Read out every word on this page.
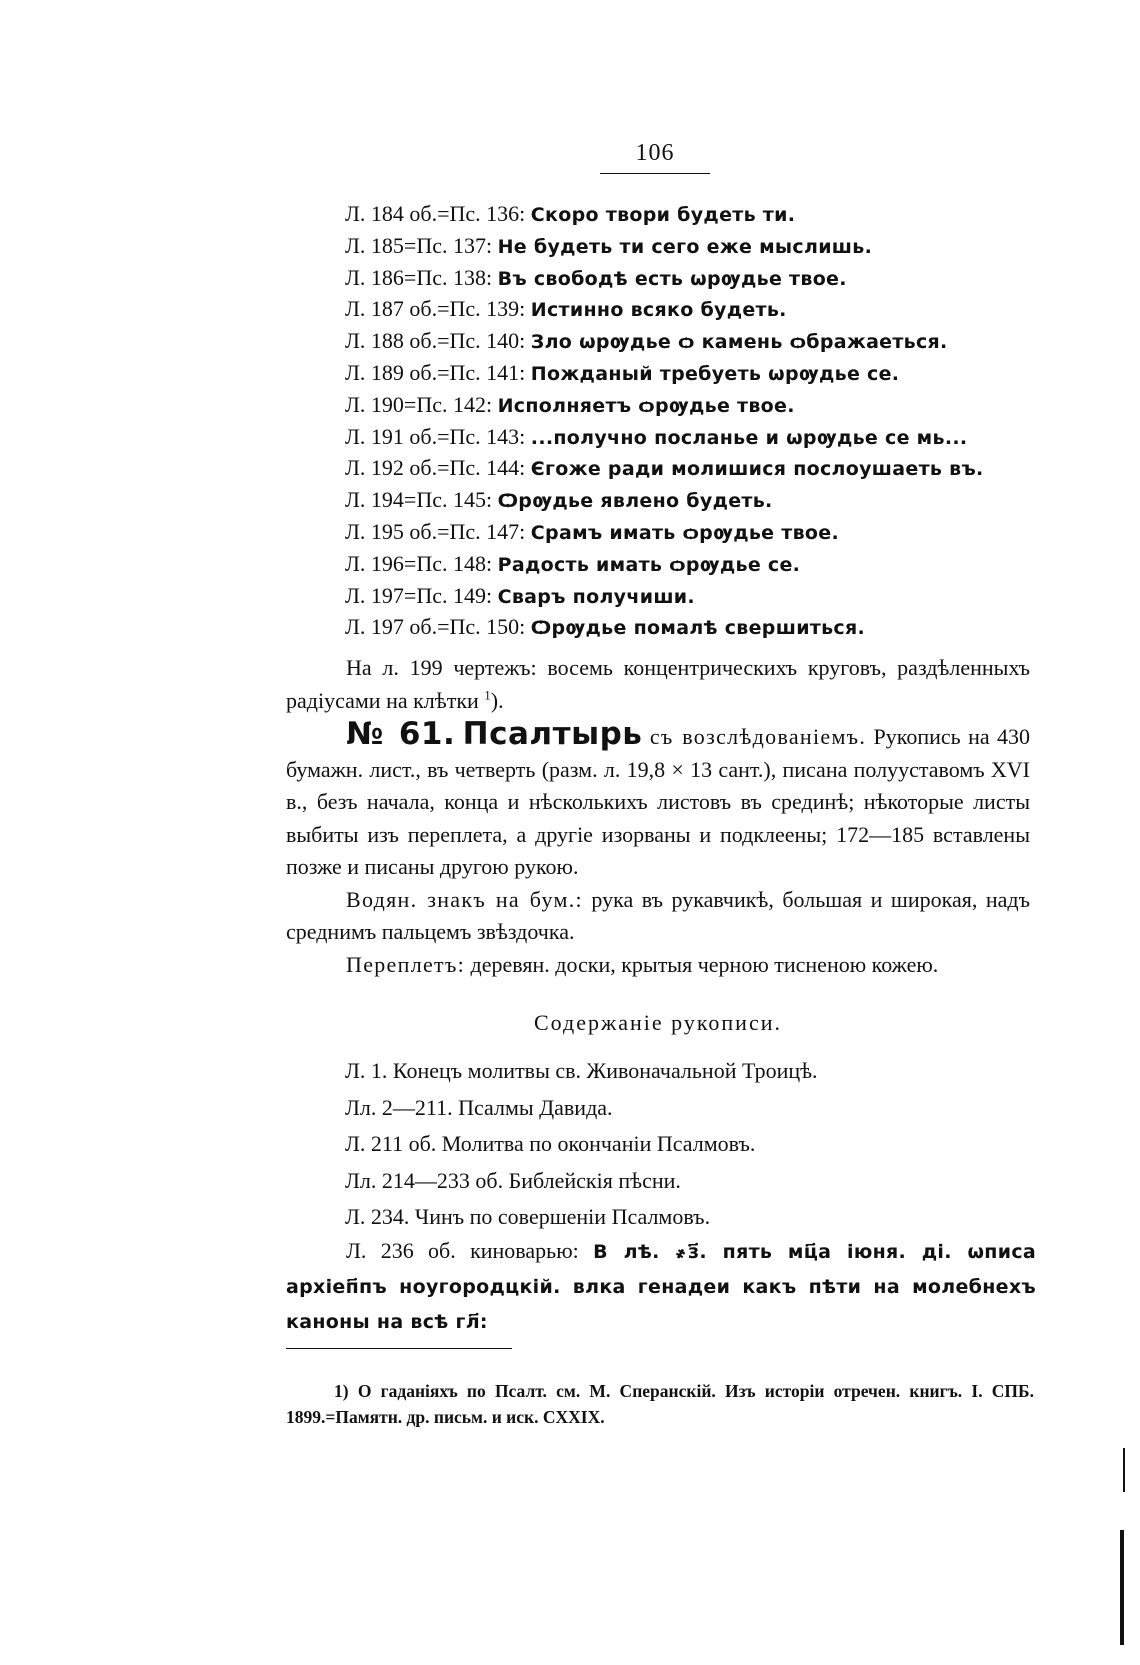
106
Л. 184 об.=Пс. 136: Скоро твори будеть ти.
Л. 185=Пс. 137: Не будеть ти сего еже мыслишь.
Л. 186=Пс. 138: Въ свободѣ есть ѡрѹдье твое.
Л. 187 об.=Пс. 139: Истинно всяко будеть.
Л. 188 об.=Пс. 140: Зло ѡрѹдье ѻ камень ѻбражаеться.
Л. 189 об.=Пс. 141: Пожданый требуеть ѡрѹдье се.
Л. 190=Пс. 142: Исполняетъ ѻрѹдье твое.
Л. 191 об.=Пс. 143: ...получно посланье и ѡрѹдье се мь...
Л. 192 об.=Пс. 144: Єгоже ради молишися послоушаеть въ.
Л. 194=Пс. 145: Ѻрѹдье явлено будеть.
Л. 195 об.=Пс. 147: Срамъ имать ѻрѹдье твое.
Л. 196=Пс. 148: Радость имать ѻрѹдье се.
Л. 197=Пс. 149: Сваръ получиши.
Л. 197 об.=Пс. 150: Ѻрѹдье помалѣ свершиться.

На л. 199 чертежъ: восемь концентрическихъ круговъ, раздѣленныхъ радіусами на клѣтки $^1$).

№ 61. Псалтырь съ возслѣдованіемъ. Рукопись на 430 бумажн. лист., въ четверть (разм. л. 19,8 × 13 сант.), писана полууставомъ XVI в., безъ начала, конца и нѣсколькихъ листовъ въ срединѣ; нѣкоторые листы выбиты изъ переплета, а другіе изорваны и подклеены; 172—185 вставлены позже и писаны другою рукою.

Водян. знакъ на бум.: рука въ рукавчикѣ, большая и широкая, надъ среднимъ пальцемъ звѣздочка.

Переплетъ: деревян. доски, крытыя черною тисненою кожею.

Содержаніе рукописи.
Л. 1. Конецъ молитвы св. Живоначальной Троицѣ.
Лл. 2—211. Псалмы Давида.
Л. 211 об. Молитва по окончаніи Псалмовъ.
Лл. 214—233 об. Библейскія пѣсни.
Л. 234. Чинъ по совершеніи Псалмовъ.

Л. 236 об. киноварью: В лѣ. ҂з҃. пять мц҃а іюня. ді. ѡписа архіеп҃пъ ноугородцкій. влка генадеи какъ пѣти на молебнехъ каноны на всѣ гл҃:

1) О гаданіяхъ по Псалт. см. М. Сперанскій. Изъ исторіи отречен. книгъ. I. СПБ. 1899.=Памятн. др. письм. и иск. CXXIX.
